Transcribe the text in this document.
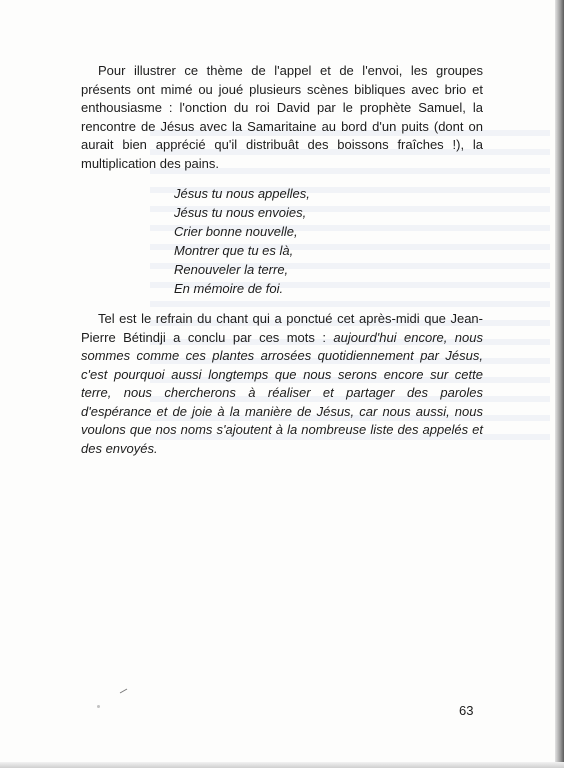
Pour illustrer ce thème de l'appel et de l'envoi, les groupes présents ont mimé ou joué plusieurs scènes bibliques avec brio et enthousiasme : l'onction du roi David par le prophète Samuel, la rencontre de Jésus avec la Samaritaine au bord d'un puits (dont on aurait bien apprécié qu'il distribuât des boissons fraîches !), la multiplication des pains.

Jésus tu nous appelles,
Jésus tu nous envoies,
Crier bonne nouvelle,
Montrer que tu es là,
Renouveler la terre,
En mémoire de foi.

Tel est le refrain du chant qui a ponctué cet après-midi que Jean-Pierre Bétindji a conclu par ces mots : aujourd'hui encore, nous sommes comme ces plantes arrosées quotidiennement par Jésus, c'est pourquoi aussi longtemps que nous serons encore sur cette terre, nous chercherons à réaliser et partager des paroles d'espérance et de joie à la manière de Jésus, car nous aussi, nous voulons que nos noms s'ajoutent à la nombreuse liste des appelés et des envoyés.

63
